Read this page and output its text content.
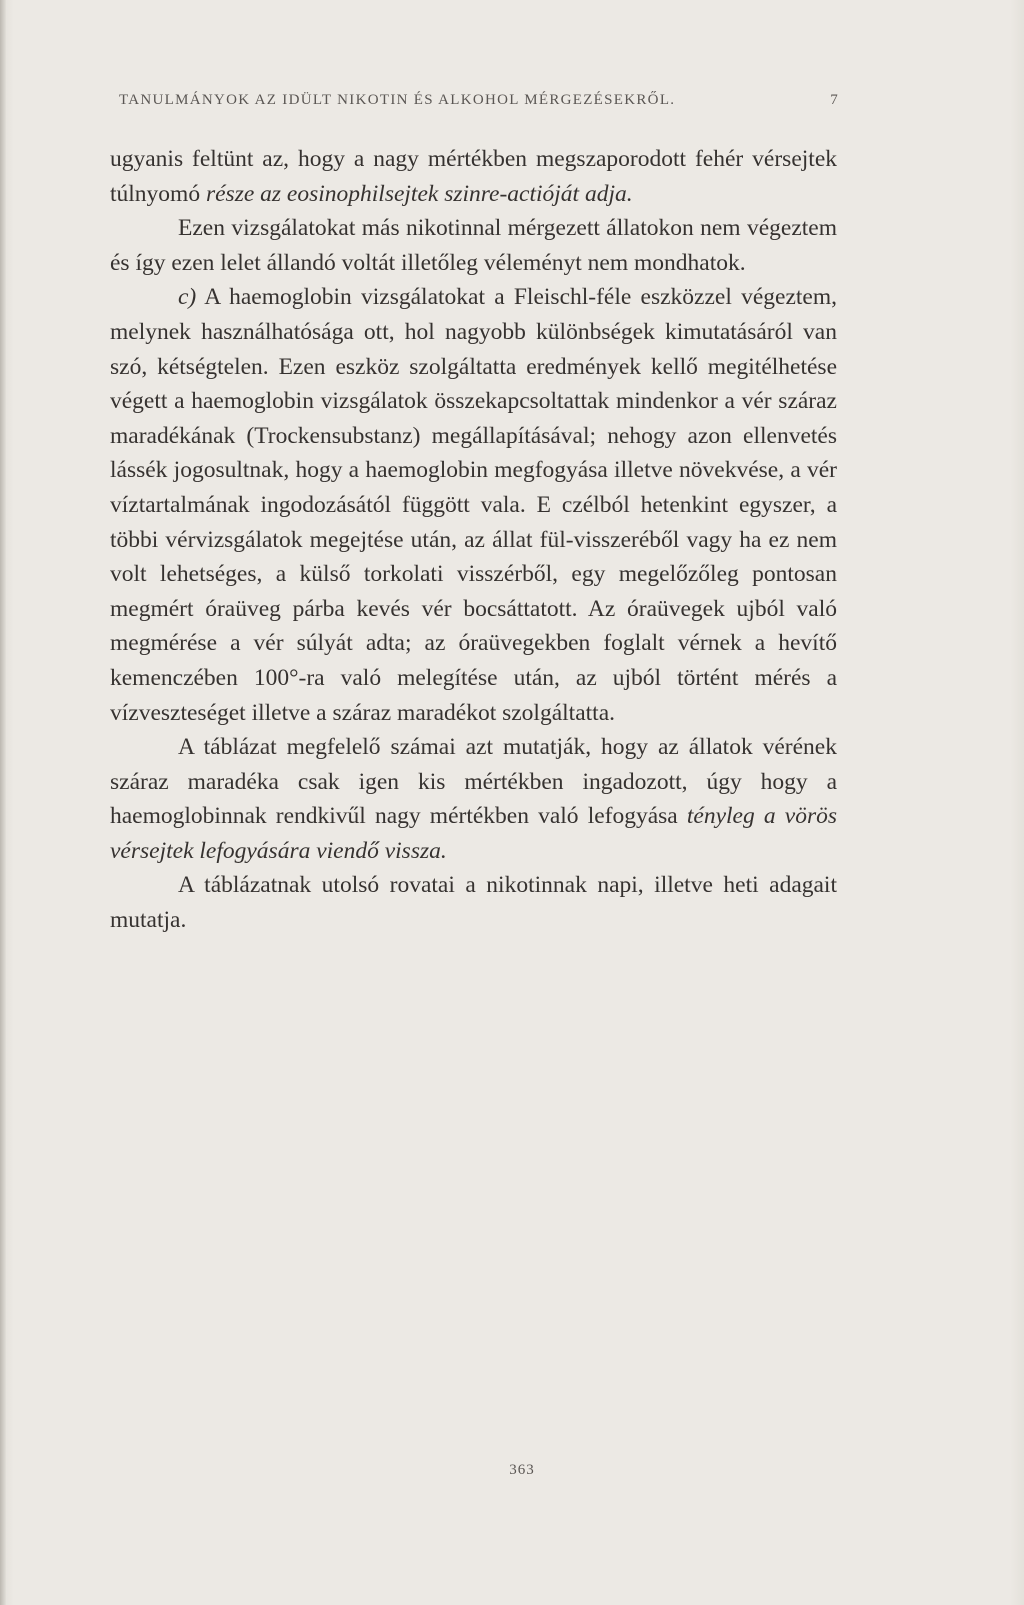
TANULMÁNYOK AZ IDÜLT NIKOTIN ÉS ALKOHOL MÉRGEZÉSEKRŐL.	7

ugyanis feltünt az, hogy a nagy mértékben megszaporodott fehér vérsejtek túlnyomó része az eosinophilsejtek szinre-actióját adja.

Ezen vizsgálatokat más nikotinnal mérgezett állatokon nem végeztem és így ezen lelet állandó voltát illetőleg véleményt nem mondhatok.

c) A haemoglobin vizsgálatokat a Fleischl-féle eszközzel végeztem, melynek használhatósága ott, hol nagyobb különbségek kimutatásáról van szó, kétségtelen. Ezen eszköz szolgáltatta eredmények kellő megitélhetése végett a haemoglobin vizsgálatok összekapcsoltattak mindenkor a vér száraz maradékának (Trockensubstanz) megállapításával; nehogy azon ellenvetés lássék jogosultnak, hogy a haemoglobin megfogyása illetve növekvése, a vér víztartalmának ingodozásától függött vala. E czélból hetenkint egyszer, a többi vérvizsgálatok megejtése után, az állat fül-visszeréből vagy ha ez nem volt lehetséges, a külső torkolati visszérből, egy megelőzőleg pontosan megmért óraüveg párba kevés vér bocsáttatott. Az óraüvegek ujból való megmérése a vér súlyát adta; az óraüvegekben foglalt vérnek a hevítő kemenczében 100°-ra való melegítése után, az ujból történt mérés a vízveszteséget illetve a száraz maradékot szolgáltatta.

A táblázat megfelelő számai azt mutatják, hogy az állatok vérének száraz maradéka csak igen kis mértékben ingadozott, úgy hogy a haemoglobinnak rendkivűl nagy mértékben való lefogyása tényleg a vörös vérsejtek lefogyására viendő vissza.

A táblázatnak utolsó rovatai a nikotinnak napi, illetve heti adagait mutatja.

363
